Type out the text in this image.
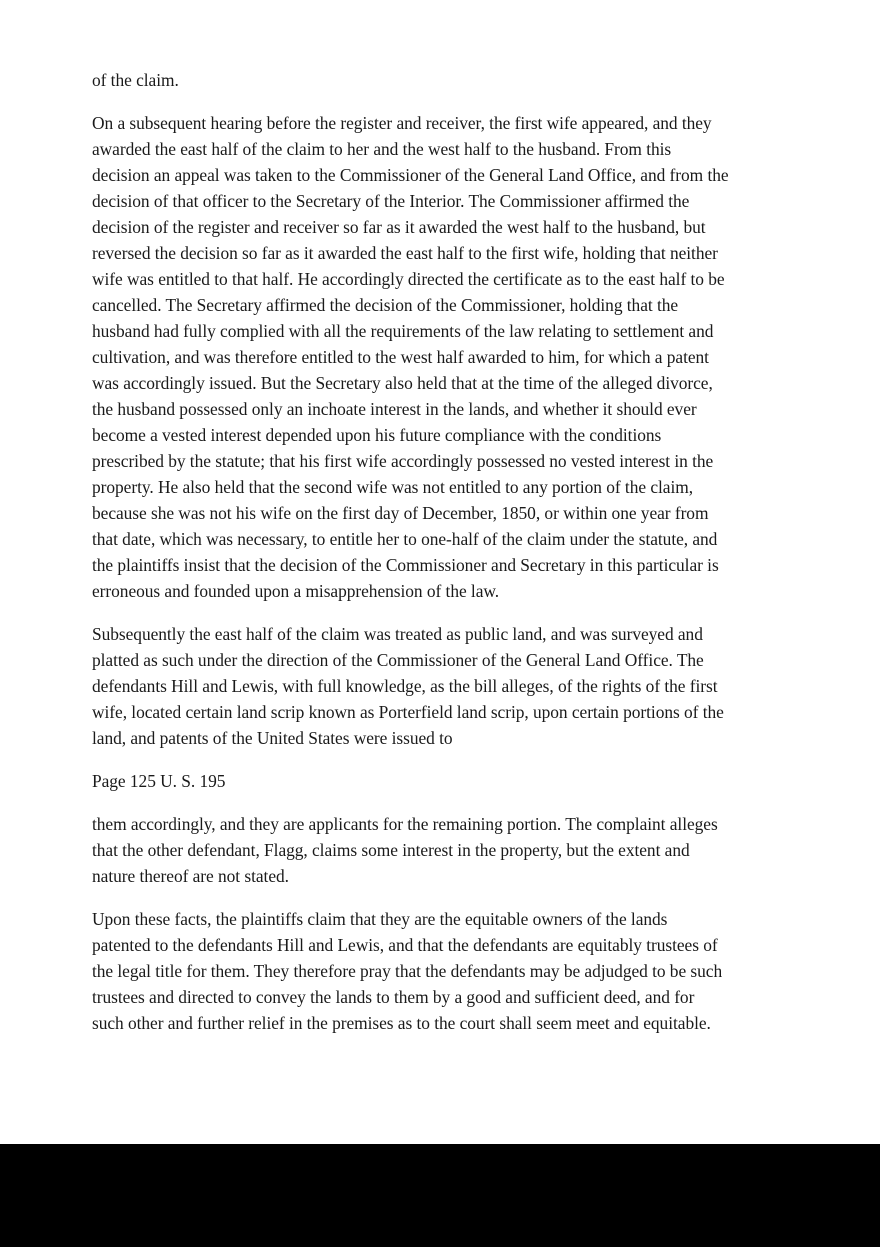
of the claim.

On a subsequent hearing before the register and receiver, the first wife appeared, and they
awarded the east half of the claim to her and the west half to the husband. From this
decision an appeal was taken to the Commissioner of the General Land Office, and from the
decision of that officer to the Secretary of the Interior. The Commissioner affirmed the
decision of the register and receiver so far as it awarded the west half to the husband, but
reversed the decision so far as it awarded the east half to the first wife, holding that neither
wife was entitled to that half. He accordingly directed the certificate as to the east half to be
cancelled. The Secretary affirmed the decision of the Commissioner, holding that the
husband had fully complied with all the requirements of the law relating to settlement and
cultivation, and was therefore entitled to the west half awarded to him, for which a patent
was accordingly issued. But the Secretary also held that at the time of the alleged divorce,
the husband possessed only an inchoate interest in the lands, and whether it should ever
become a vested interest depended upon his future compliance with the conditions
prescribed by the statute; that his first wife accordingly possessed no vested interest in the
property. He also held that the second wife was not entitled to any portion of the claim,
because she was not his wife on the first day of December, 1850, or within one year from
that date, which was necessary, to entitle her to one-half of the claim under the statute, and
the plaintiffs insist that the decision of the Commissioner and Secretary in this particular is
erroneous and founded upon a misapprehension of the law.

Subsequently the east half of the claim was treated as public land, and was surveyed and
platted as such under the direction of the Commissioner of the General Land Office. The
defendants Hill and Lewis, with full knowledge, as the bill alleges, of the rights of the first
wife, located certain land scrip known as Porterfield land scrip, upon certain portions of the
land, and patents of the United States were issued to

Page 125 U. S. 195

them accordingly, and they are applicants for the remaining portion. The complaint alleges
that the other defendant, Flagg, claims some interest in the property, but the extent and
nature thereof are not stated.

Upon these facts, the plaintiffs claim that they are the equitable owners of the lands
patented to the defendants Hill and Lewis, and that the defendants are equitably trustees of
the legal title for them. They therefore pray that the defendants may be adjudged to be such
trustees and directed to convey the lands to them by a good and sufficient deed, and for
such other and further relief in the premises as to the court shall seem meet and equitable.
